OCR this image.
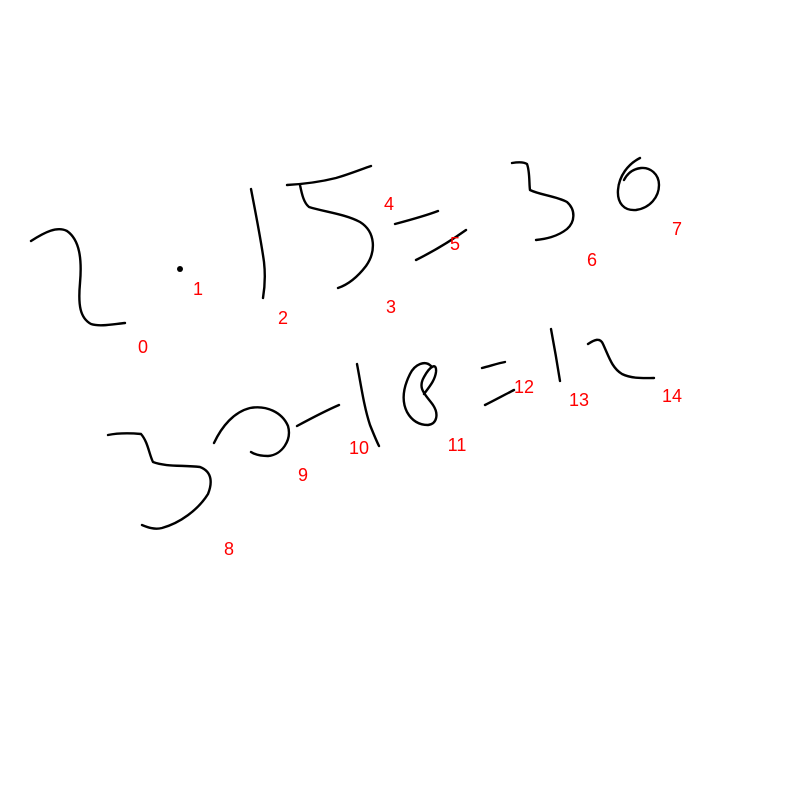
0
1
2
3
4
5
6
7
8
9
10	11
12
13	14
